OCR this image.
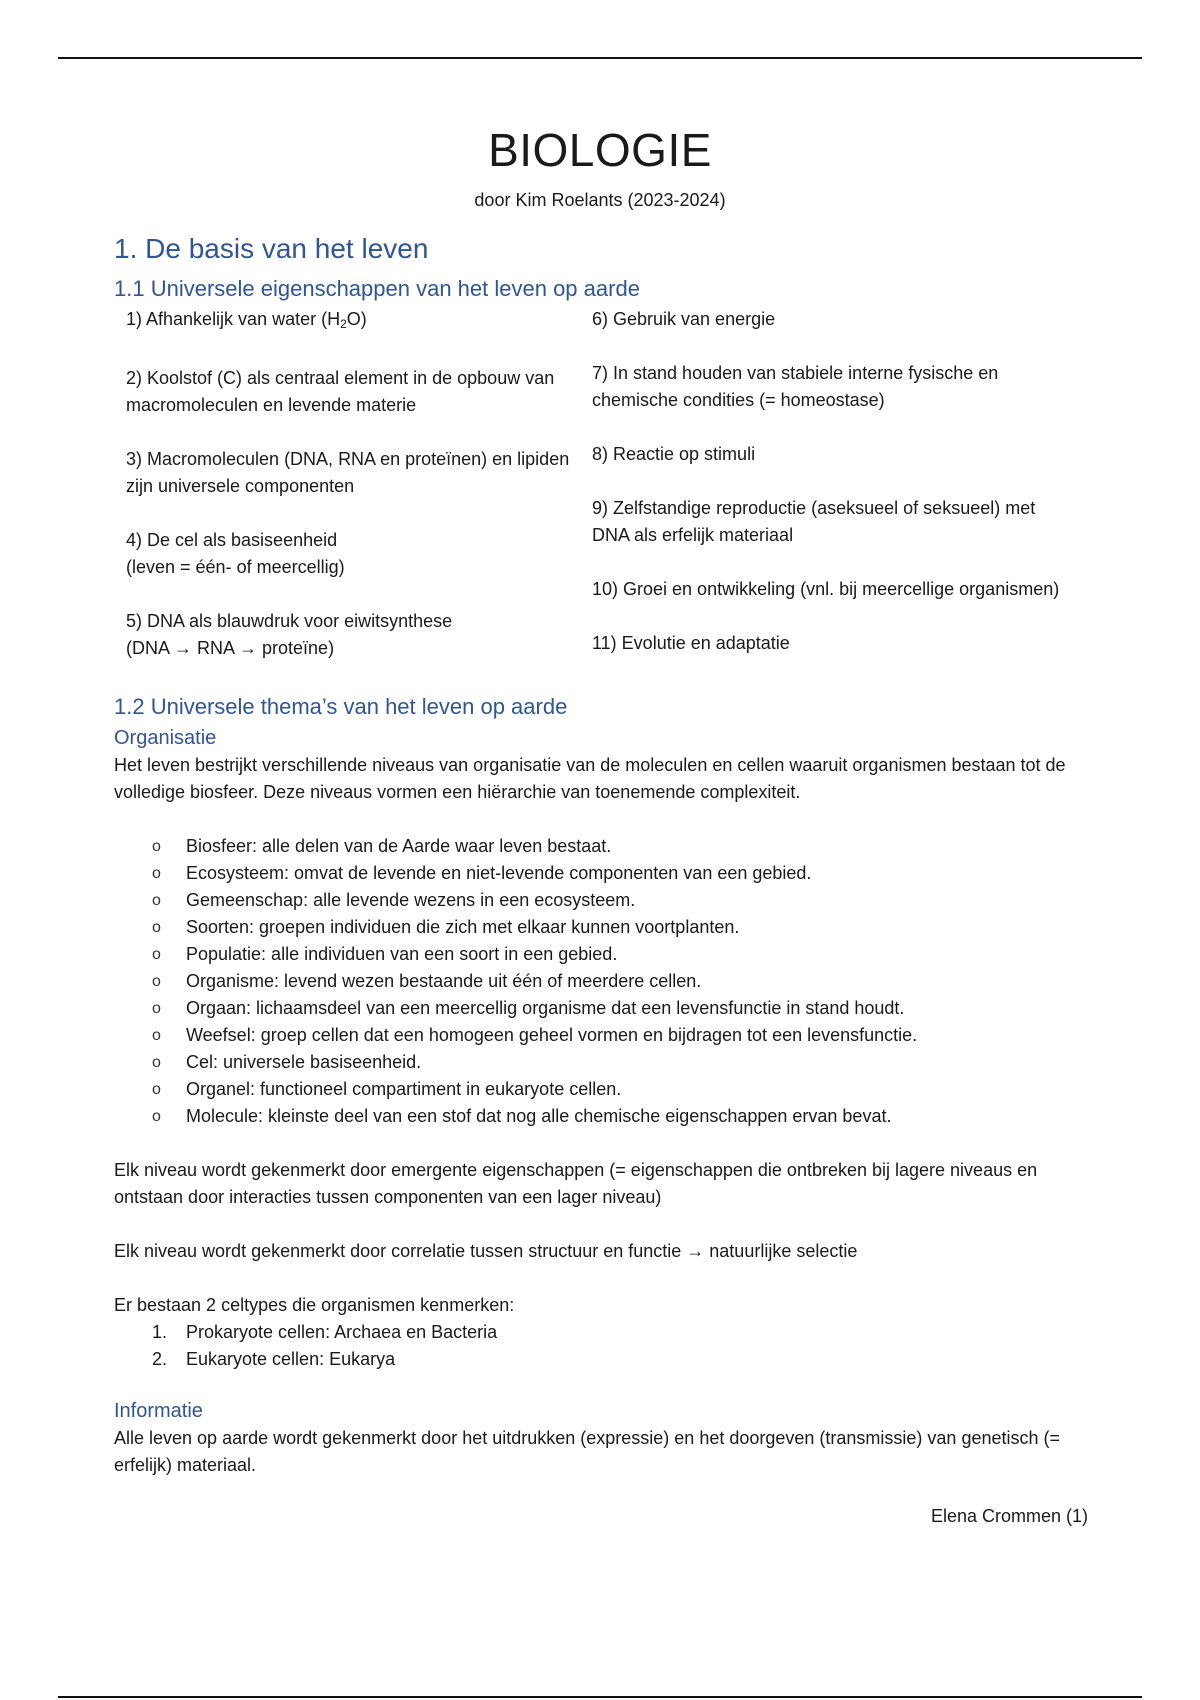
BIOLOGIE

door Kim Roelants (2023-2024)

1. De basis van het leven
1.1 Universele eigenschappen van het leven op aarde

1) Afhankelijk van water $(H_2O)$

2) Koolstof (C) als centraal element in de opbouw van macromoleculen en levende materie

3) Macromoleculen (DNA, RNA en proteïnen) en lipiden zijn universele componenten

4) De cel als basiseenheid
(leven = één- of meercellig)

5) DNA als blauwdruk voor eiwitsynthese
(DNA → RNA → proteïne)

6) Gebruik van energie

7) In stand houden van stabiele interne fysische en chemische condities (= homeostase)

8) Reactie op stimuli

9) Zelfstandige reproductie (aseksueel of seksueel) met DNA als erfelijk materiaal

10) Groei en ontwikkeling (vnl. bij meercellige organismen)

11) Evolutie en adaptatie

1.2 Universele thema’s van het leven op aarde
Organisatie

Het leven bestrijkt verschillende niveaus van organisatie van de moleculen en cellen waaruit organismen bestaan tot de volledige biosfeer. Deze niveaus vormen een hiërarchie van toenemende complexiteit.

o Biosfeer: alle delen van de Aarde waar leven bestaat.
o Ecosysteem: omvat de levende en niet-levende componenten van een gebied.
o Gemeenschap: alle levende wezens in een ecosysteem.
o Soorten: groepen individuen die zich met elkaar kunnen voortplanten.
o Populatie: alle individuen van een soort in een gebied.
o Organisme: levend wezen bestaande uit één of meerdere cellen.
o Orgaan: lichaamsdeel van een meercellig organisme dat een levensfunctie in stand houdt.
o Weefsel: groep cellen dat een homogeen geheel vormen en bijdragen tot een levensfunctie.
o Cel: universele basiseenheid.
o Organel: functioneel compartiment in eukaryote cellen.
o Molecule: kleinste deel van een stof dat nog alle chemische eigenschappen ervan bevat.

Elk niveau wordt gekenmerkt door emergente eigenschappen (= eigenschappen die ontbreken bij lagere niveaus en ontstaan door interacties tussen componenten van een lager niveau)

Elk niveau wordt gekenmerkt door correlatie tussen structuur en functie → natuurlijke selectie

Er bestaan 2 celtypes die organismen kenmerken:

1. Prokaryote cellen: Archaea en Bacteria
2. Eukaryote cellen: Eukarya
Informatie

Alle leven op aarde wordt gekenmerkt door het uitdrukken (expressie) en het doorgeven (transmissie) van genetisch (= erfelijk) materiaal.

Elena Crommen (1)
